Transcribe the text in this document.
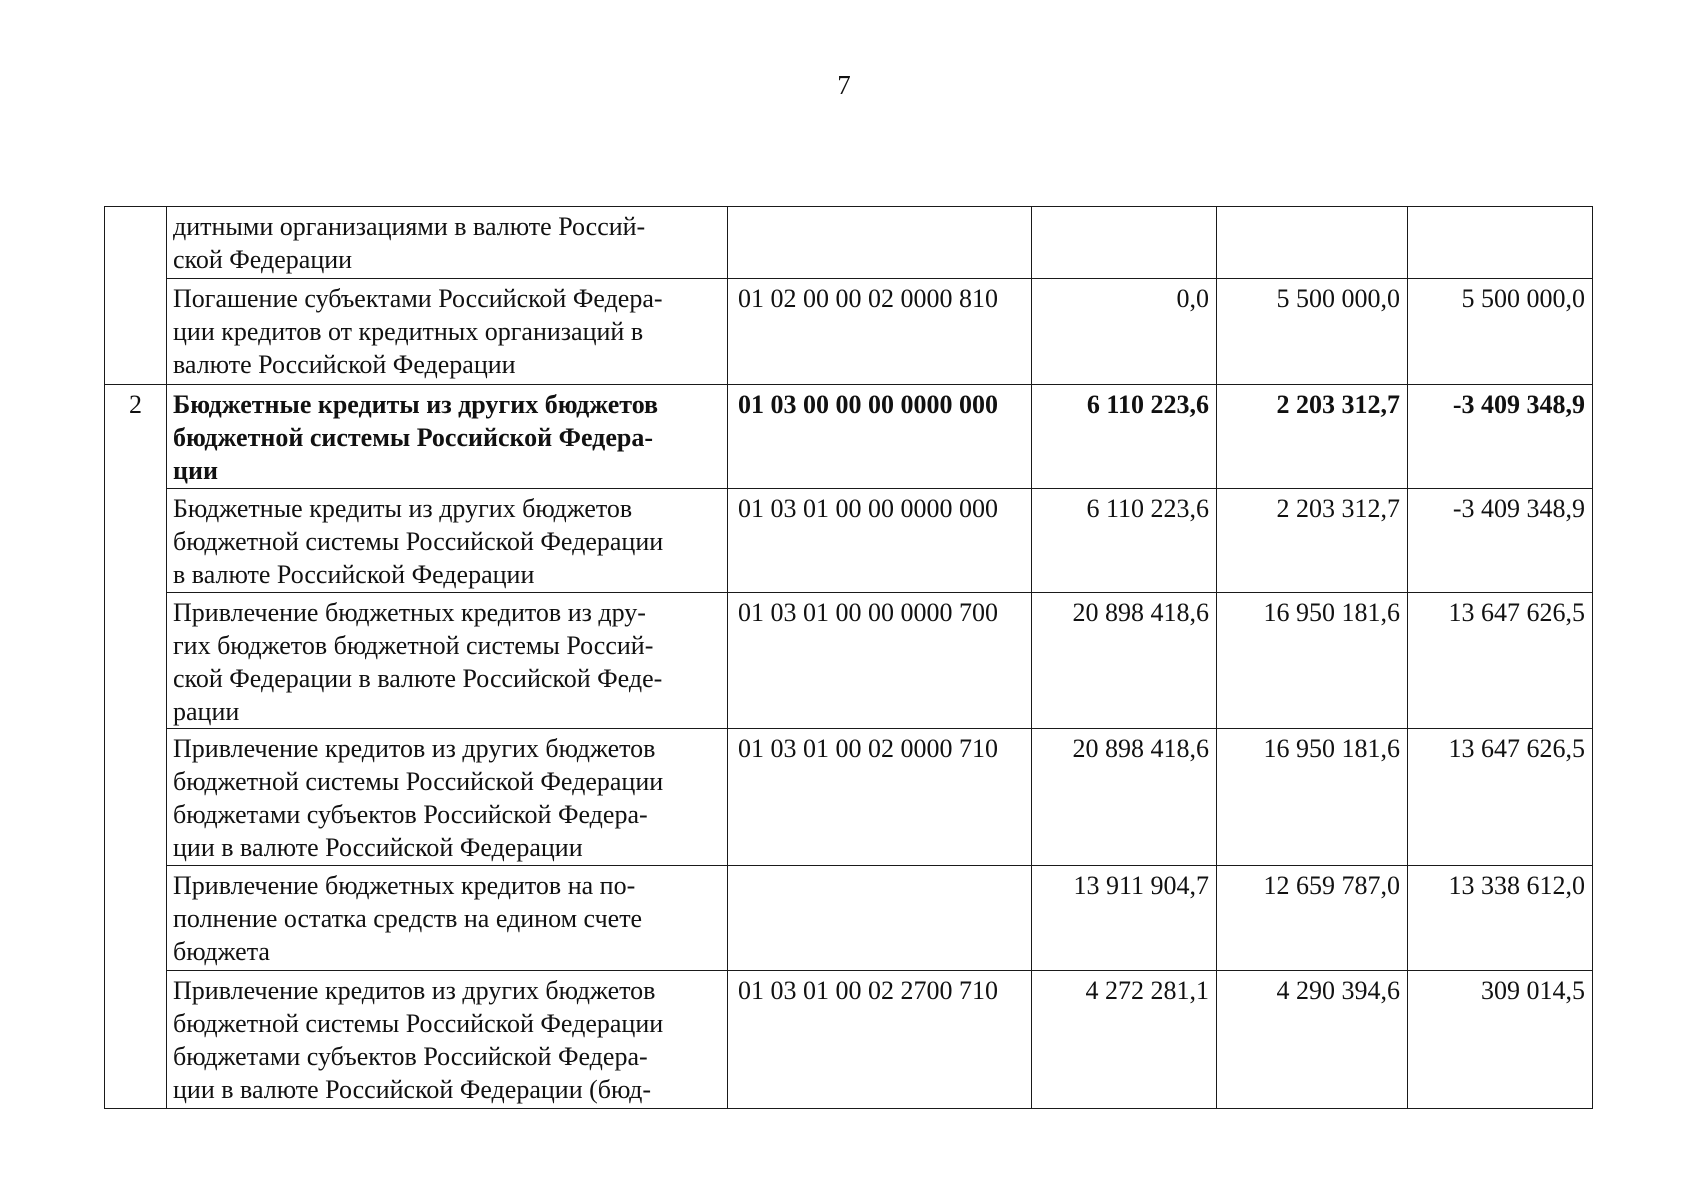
7
	дитными организациями в валюте Россий-
ской Федерации				
	Погашение субъектами Российской Федера-
ции кредитов от кредитных организаций в
валюте Российской Федерации	01 02 00 00 02 0000 810	0,0	5 500 000,0	5 500 000,0
2	Бюджетные кредиты из других бюджетов
бюджетной системы Российской Федера-
ции	01 03 00 00 00 0000 000	6 110 223,6	2 203 312,7	-3 409 348,9
	Бюджетные кредиты из других бюджетов
бюджетной системы Российской Федерации
в валюте Российской Федерации	01 03 01 00 00 0000 000	6 110 223,6	2 203 312,7	-3 409 348,9
	Привлечение бюджетных кредитов из дру-
гих бюджетов бюджетной системы Россий-
ской Федерации в валюте Российской Феде-
рации	01 03 01 00 00 0000 700	20 898 418,6	16 950 181,6	13 647 626,5
	Привлечение кредитов из других бюджетов
бюджетной системы Российской Федерации
бюджетами субъектов Российской Федера-
ции в валюте Российской Федерации	01 03 01 00 02 0000 710	20 898 418,6	16 950 181,6	13 647 626,5
	Привлечение бюджетных кредитов на по-
полнение остатка средств на едином счете
бюджета		13 911 904,7	12 659 787,0	13 338 612,0
	Привлечение кредитов из других бюджетов
бюджетной системы Российской Федерации
бюджетами субъектов Российской Федера-
ции в валюте Российской Федерации (бюд-	01 03 01 00 02 2700 710	4 272 281,1	4 290 394,6	309 014,5
